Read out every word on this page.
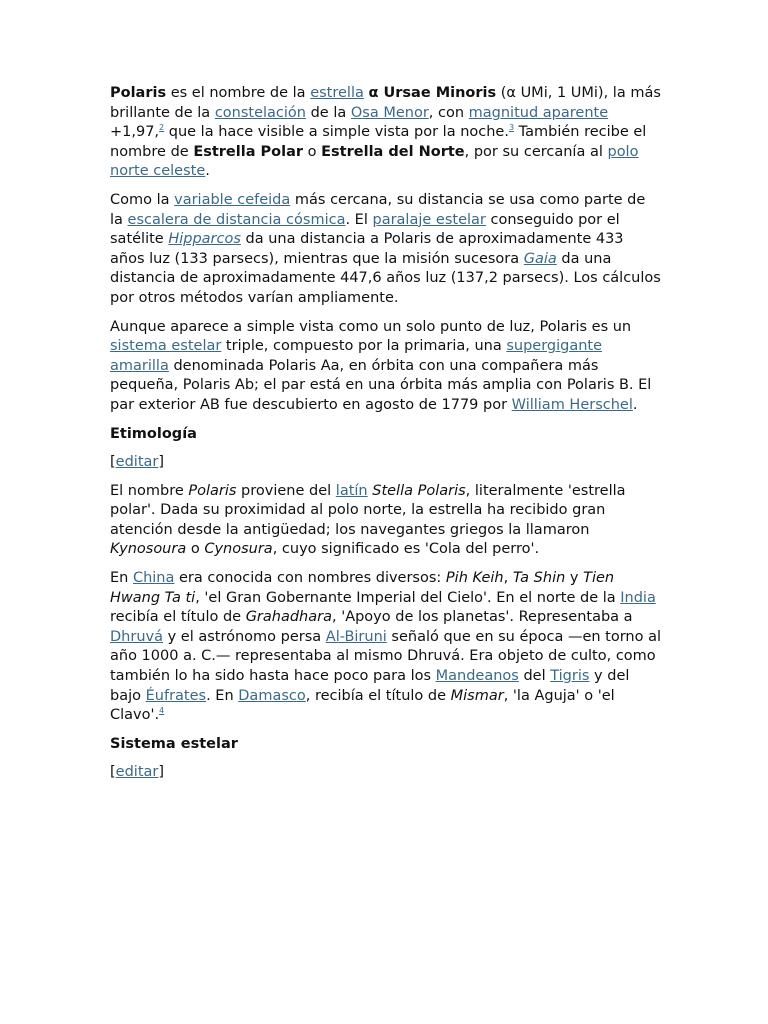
Polaris es el nombre de la estrella α Ursae Minoris (α UMi, 1 UMi), la más brillante de la constelación de la Osa Menor, con magnitud aparente +1,97,$^2$ que la hace visible a simple vista por la noche.$^3$ También recibe el nombre de Estrella Polar o Estrella del Norte, por su cercanía al polo norte celeste.

Como la variable cefeida más cercana, su distancia se usa como parte de la escalera de distancia cósmica. El paralaje estelar conseguido por el satélite Hipparcos da una distancia a Polaris de aproximadamente 433 años luz (133 parsecs), mientras que la misión sucesora Gaia da una distancia de aproximadamente 447,6 años luz (137,2 parsecs). Los cálculos por otros métodos varían ampliamente.

Aunque aparece a simple vista como un solo punto de luz, Polaris es un sistema estelar triple, compuesto por la primaria, una supergigante amarilla denominada Polaris Aa, en órbita con una compañera más pequeña, Polaris Ab; el par está en una órbita más amplia con Polaris B. El par exterior AB fue descubierto en agosto de 1779 por William Herschel.

Etimología

[editar]

El nombre Polaris proviene del latín Stella Polaris, literalmente 'estrella polar'. Dada su proximidad al polo norte, la estrella ha recibido gran atención desde la antigüedad; los navegantes griegos la llamaron Kynosoura o Cynosura, cuyo significado es 'Cola del perro'.

En China era conocida con nombres diversos: Pih Keih, Ta Shin y Tien Hwang Ta ti, 'el Gran Gobernante Imperial del Cielo'. En el norte de la India recibía el título de Grahadhara, 'Apoyo de los planetas'. Representaba a Dhruvá y el astrónomo persa Al-Biruni señaló que en su época —en torno al año 1000 a. C.— representaba al mismo Dhruvá. Era objeto de culto, como también lo ha sido hasta hace poco para los Mandeanos del Tigris y del bajo Éufrates. En Damasco, recibía el título de Mismar, 'la Aguja' o 'el Clavo'.$^4$

Sistema estelar

[editar]
